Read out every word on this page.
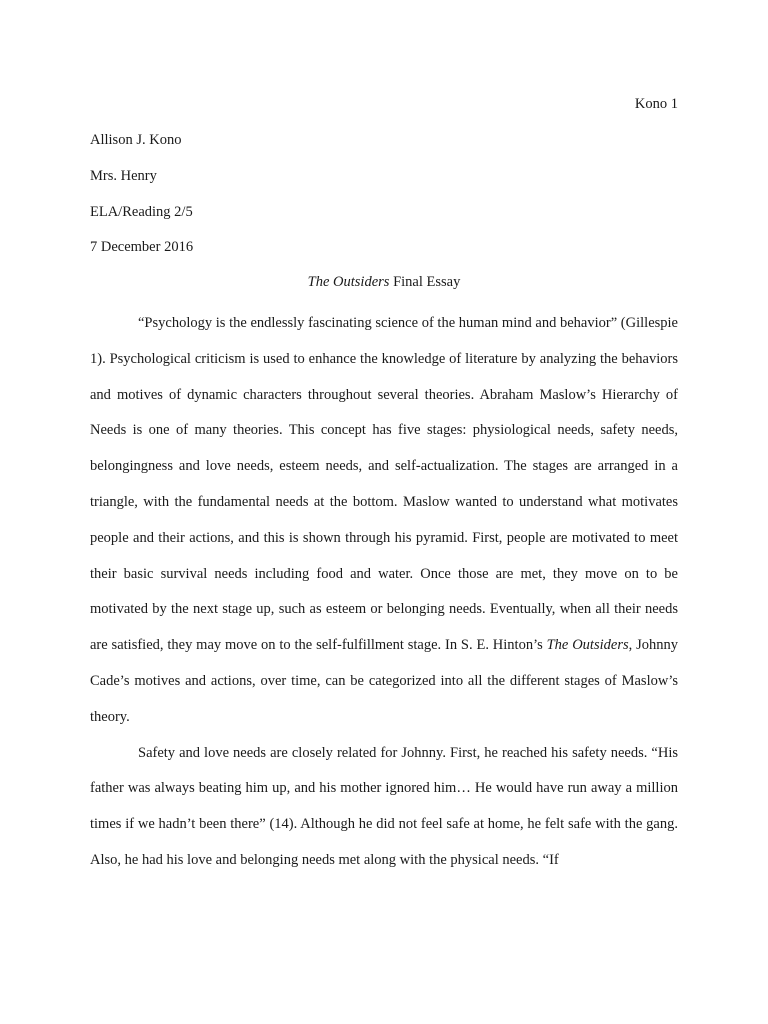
Kono 1
Allison J. Kono
Mrs. Henry
ELA/Reading 2/5
7 December 2016
The Outsiders Final Essay

“Psychology is the endlessly fascinating science of the human mind and behavior” (Gillespie 1). Psychological criticism is used to enhance the knowledge of literature by analyzing the behaviors and motives of dynamic characters throughout several theories. Abraham Maslow’s Hierarchy of Needs is one of many theories. This concept has five stages: physiological needs, safety needs, belongingness and love needs, esteem needs, and self-actualization. The stages are arranged in a triangle, with the fundamental needs at the bottom. Maslow wanted to understand what motivates people and their actions, and this is shown through his pyramid. First, people are motivated to meet their basic survival needs including food and water. Once those are met, they move on to be motivated by the next stage up, such as esteem or belonging needs. Eventually, when all their needs are satisfied, they may move on to the self-fulfillment stage. In S. E. Hinton’s The Outsiders, Johnny Cade’s motives and actions, over time, can be categorized into all the different stages of Maslow’s theory.

Safety and love needs are closely related for Johnny. First, he reached his safety needs. “His father was always beating him up, and his mother ignored him… He would have run away a million times if we hadn’t been there” (14). Although he did not feel safe at home, he felt safe with the gang. Also, he had his love and belonging needs met along with the physical needs. “If
